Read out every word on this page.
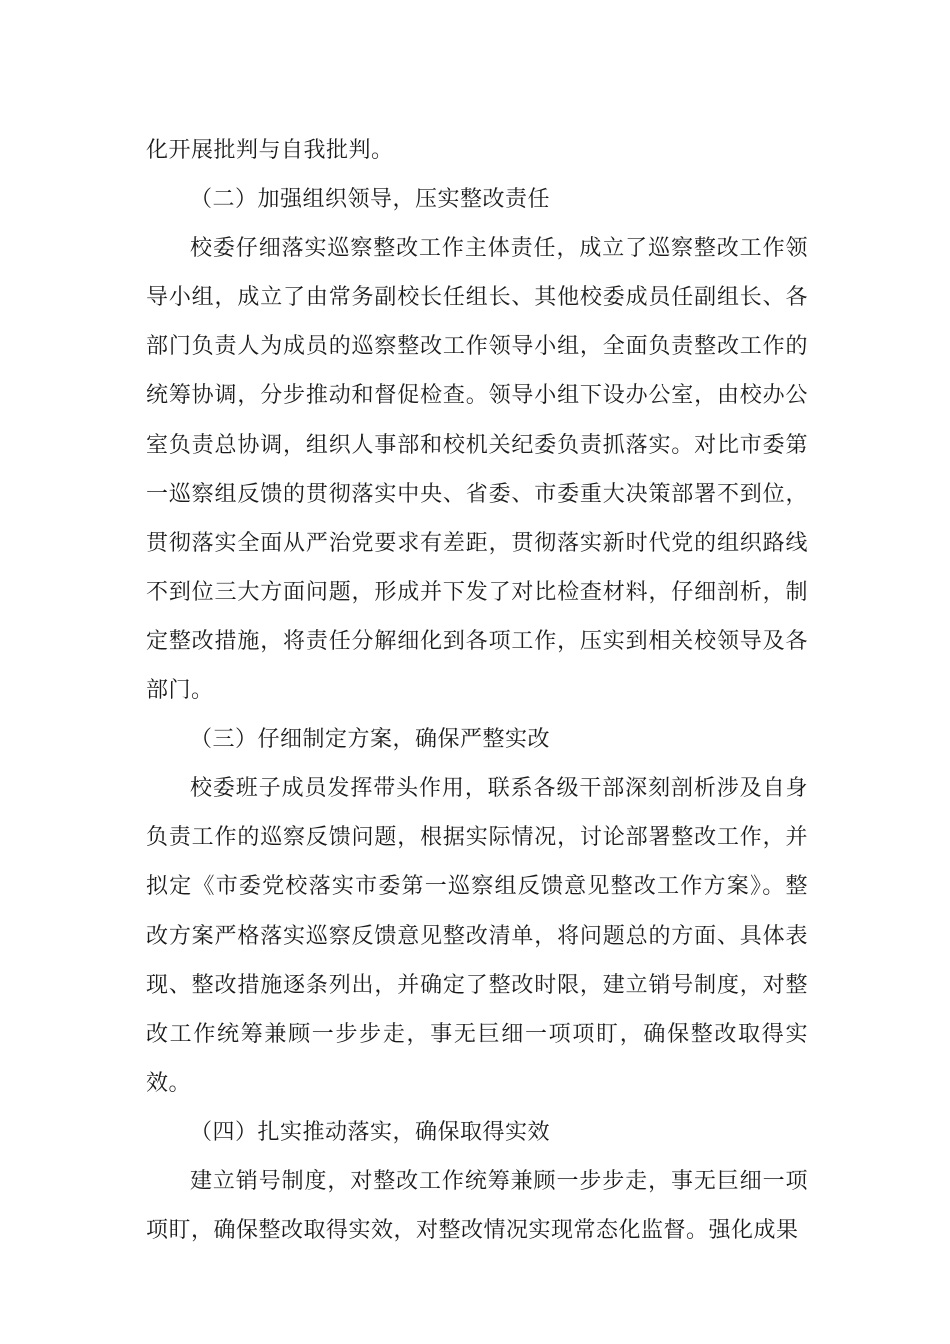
化开展批判与自我批判。

（二）加强组织领导，压实整改责任

校委仔细落实巡察整改工作主体责任，成立了巡察整改工作领导小组，成立了由常务副校长任组长、其他校委成员任副组长、各部门负责人为成员的巡察整改工作领导小组，全面负责整改工作的统筹协调，分步推动和督促检查。领导小组下设办公室，由校办公室负责总协调，组织人事部和校机关纪委负责抓落实。对比市委第一巡察组反馈的贯彻落实中央、省委、市委重大决策部署不到位，贯彻落实全面从严治党要求有差距，贯彻落实新时代党的组织路线不到位三大方面问题，形成并下发了对比检查材料，仔细剖析，制定整改措施，将责任分解细化到各项工作，压实到相关校领导及各部门。

（三）仔细制定方案，确保严整实改

校委班子成员发挥带头作用，联系各级干部深刻剖析涉及自身负责工作的巡察反馈问题，根据实际情况，讨论部署整改工作，并拟定《市委党校落实市委第一巡察组反馈意见整改工作方案》。整改方案严格落实巡察反馈意见整改清单，将问题总的方面、具体表现、整改措施逐条列出，并确定了整改时限，建立销号制度，对整改工作统筹兼顾一步步走，事无巨细一项项盯，确保整改取得实效。

（四）扎实推动落实，确保取得实效

建立销号制度，对整改工作统筹兼顾一步步走，事无巨细一项项盯，确保整改取得实效，对整改情况实现常态化监督。强化成果
